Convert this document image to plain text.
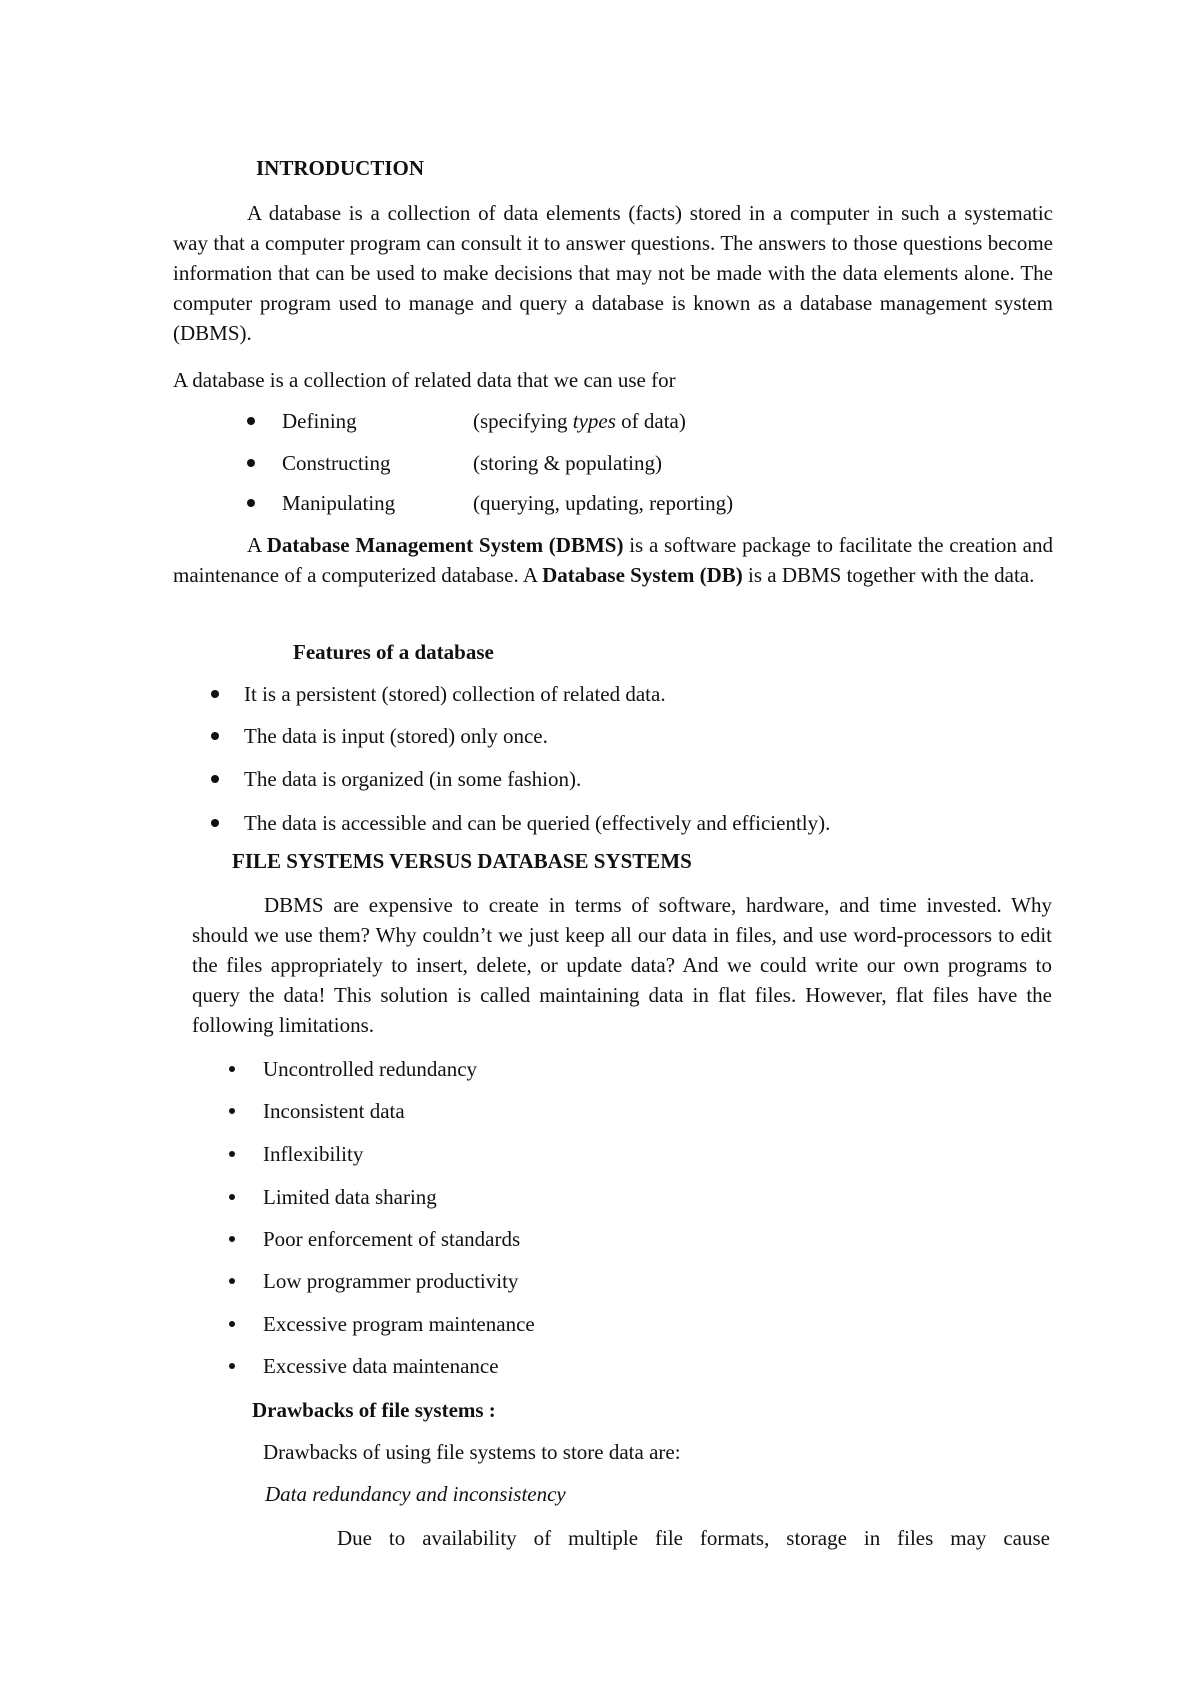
INTRODUCTION

A database is a collection of data elements (facts) stored in a computer in such a systematic way that a computer program can consult it to answer questions. The answers to those questions become information that can be used to make decisions that may not be made with the data elements alone. The computer program used to manage and query a database is known as a database management system (DBMS).

A database is a collection of related data that we can use for
Defining	(specifying types of data)
Constructing	(storing & populating)
Manipulating	(querying, updating, reporting)

A Database Management System (DBMS) is a software package to facilitate the creation and maintenance of a computerized database. A Database System (DB) is a DBMS together with the data.

Features of a database
It is a persistent (stored) collection of related data.
The data is input (stored) only once.
The data is organized (in some fashion).
The data is accessible and can be queried (effectively and efficiently).
FILE SYSTEMS VERSUS DATABASE SYSTEMS

DBMS are expensive to create in terms of software, hardware, and time invested. Why should we use them? Why couldn’t we just keep all our data in files, and use word-processors to edit the files appropriately to insert, delete, or update data? And we could write our own programs to query the data! This solution is called maintaining data in flat files. However, flat files have the following limitations.

Uncontrolled redundancy
Inconsistent data
Inflexibility
Limited data sharing
Poor enforcement of standards
Low programmer productivity
Excessive program maintenance
Excessive data maintenance
Drawbacks of file systems :
Drawbacks of using file systems to store data are:
Data redundancy and inconsistency

Due to availability of multiple file formats, storage in files may cause
